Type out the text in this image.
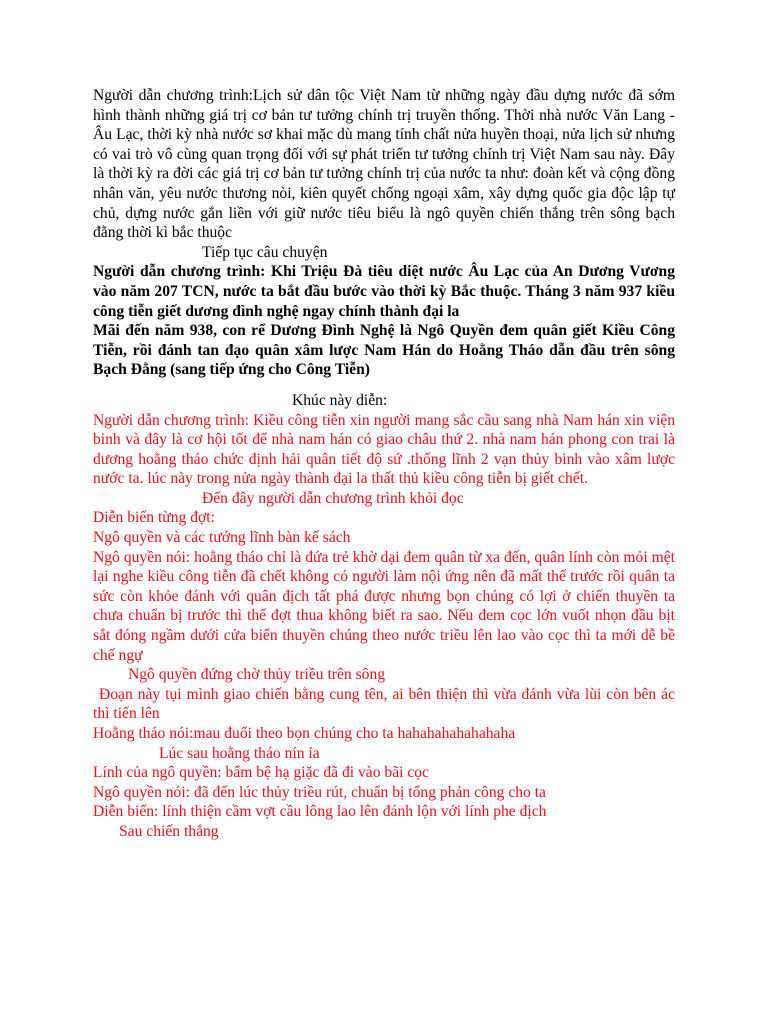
Người dẫn chương trình:Lịch sử dân tộc Việt Nam từ những ngày đầu dựng nước đã sớm hình thành những giá trị cơ bản tư tưởng chính trị truyền thống. Thời nhà nước Văn Lang - Âu Lạc, thời kỳ nhà nước sơ khai mặc dù mang tính chất nửa huyền thoại, nửa lịch sử nhưng có vai trò vô cùng quan trọng đối với sự phát triển tư tưởng chính trị Việt Nam sau này. Đây là thời kỳ ra đời các giá trị cơ bản tư tưởng chính trị của nước ta như: đoàn kết và cộng đồng nhân văn, yêu nước thương nòi, kiên quyết chống ngoại xâm, xây dựng quốc gia độc lập tự chủ, dựng nước gắn liền với giữ nước tiêu biểu là ngô quyền chiến thắng trên sông bạch đằng thời kì bắc thuộc

Tiếp tục câu chuyện

Người dẫn chương trình: Khi Triệu Đà tiêu diệt nước Âu Lạc của An Dương Vương vào năm 207 TCN, nước ta bắt đầu bước vào thời kỳ Bắc thuộc. Tháng 3 năm 937 kiều công tiễn giết dương đình nghệ ngay chính thành đại la

Mãi đến năm 938, con rể Dương Đình Nghệ là Ngô Quyền đem quân giết Kiều Công Tiễn, rồi đánh tan đạo quân xâm lược Nam Hán do Hoằng Tháo dẫn đầu trên sông Bạch Đằng (sang tiếp ứng cho Công Tiễn)

Khúc này diễn:

Người dẫn chương trình: Kiều công tiễn xin người mang sắc cầu sang nhà Nam hán xin viện binh và đây là cơ hội tốt để nhà nam hán có giao châu thứ 2. nhà nam hán phong con trai là dương hoằng tháo chức định hải quân tiết độ sứ .thống lĩnh 2 vạn thủy binh vào xâm lược nước ta. lúc này trong nửa ngày thành đại la thất thủ kiều công tiễn bị giết chết.

Đến đây người dẫn chương trình khỏi đọc

Diễn biến từng đợt:

Ngô quyền và các tướng lĩnh bàn kế sách

Ngô quyền nói: hoằng tháo chỉ là đứa trẻ khờ dại đem quân từ xa đến, quân lính còn mỏi mệt lại nghe kiều công tiễn đã chết không có người làm nội ứng nên đã mất thế trước rồi quân ta sức còn khỏe đánh với quân địch tất phá được nhưng bọn chúng có lợi ở chiến thuyền ta chưa chuẩn bị trước thì thế đợt thua không biết ra sao. Nếu đem cọc lớn vuốt nhọn đầu bịt sắt đóng ngầm dưới cửa biển thuyền chúng theo nước triều lên lao vào cọc thì ta mới dễ bề chế ngự

Ngô quyền đứng chờ thủy triều trên sông

Đoạn này tụi mình giao chiến bằng cung tên, ai bên thiện thì vừa đánh vừa lùi còn bên ác thì tiến lên

Hoằng tháo nói:mau đuổi theo bọn chúng cho ta hahahahahahahaha

Lúc sau hoằng tháo nín ỉa

Lính của ngô quyền: bẩm bệ hạ giặc đã đi vào bãi cọc

Ngô quyền nói: đã đến lúc thủy triều rút, chuẩn bị tổng phản công cho ta

Diễn biến: lính thiện cầm vợt cầu lông lao lên đánh lộn với lính phe địch

Sau chiến thắng
